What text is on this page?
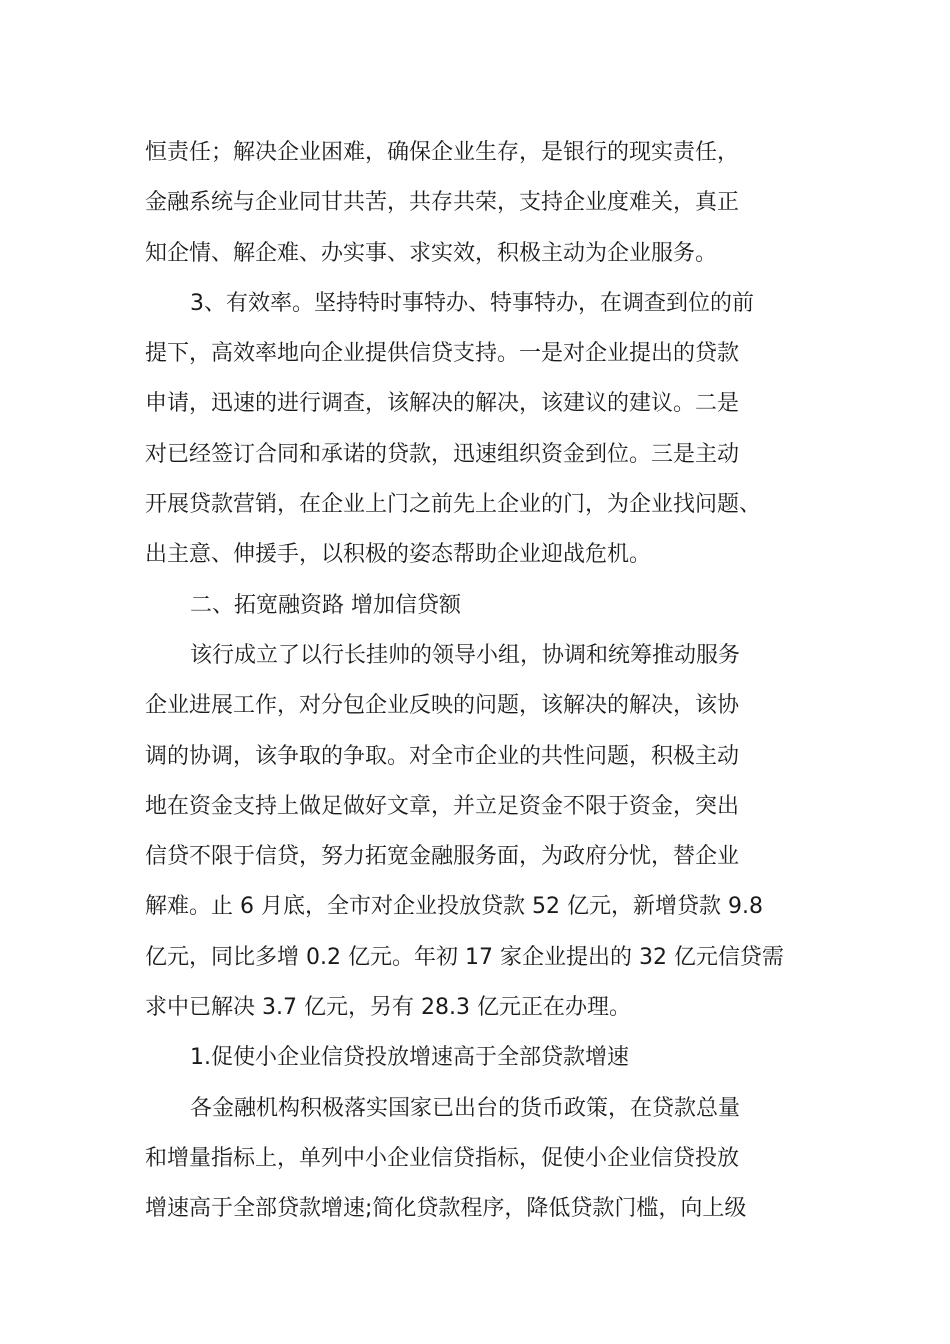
恒责任；解决企业困难，确保企业生存，是银行的现实责任，
金融系统与企业同甘共苦，共存共荣，支持企业度难关，真正
知企情、解企难、办实事、求实效，积极主动为企业服务。
3、有效率。坚持特时事特办、特事特办，在调查到位的前
提下，高效率地向企业提供信贷支持。一是对企业提出的贷款
申请，迅速的进行调查，该解决的解决，该建议的建议。二是
对已经签订合同和承诺的贷款，迅速组织资金到位。三是主动
开展贷款营销，在企业上门之前先上企业的门，为企业找问题、
出主意、伸援手，以积极的姿态帮助企业迎战危机。
二、拓宽融资路 增加信贷额
该行成立了以行长挂帅的领导小组，协调和统筹推动服务
企业进展工作，对分包企业反映的问题，该解决的解决，该协
调的协调，该争取的争取。对全市企业的共性问题，积极主动
地在资金支持上做足做好文章，并立足资金不限于资金，突出
信贷不限于信贷，努力拓宽金融服务面，为政府分忧，替企业
解难。止 6 月底，全市对企业投放贷款 52 亿元，新增贷款 9.8
亿元，同比多增 0.2 亿元。年初 17 家企业提出的 32 亿元信贷需
求中已解决 3.7 亿元，另有 28.3 亿元正在办理。
1.促使小企业信贷投放增速高于全部贷款增速
各金融机构积极落实国家已出台的货币政策，在贷款总量
和增量指标上，单列中小企业信贷指标，促使小企业信贷投放
增速高于全部贷款增速;简化贷款程序，降低贷款门槛，向上级
